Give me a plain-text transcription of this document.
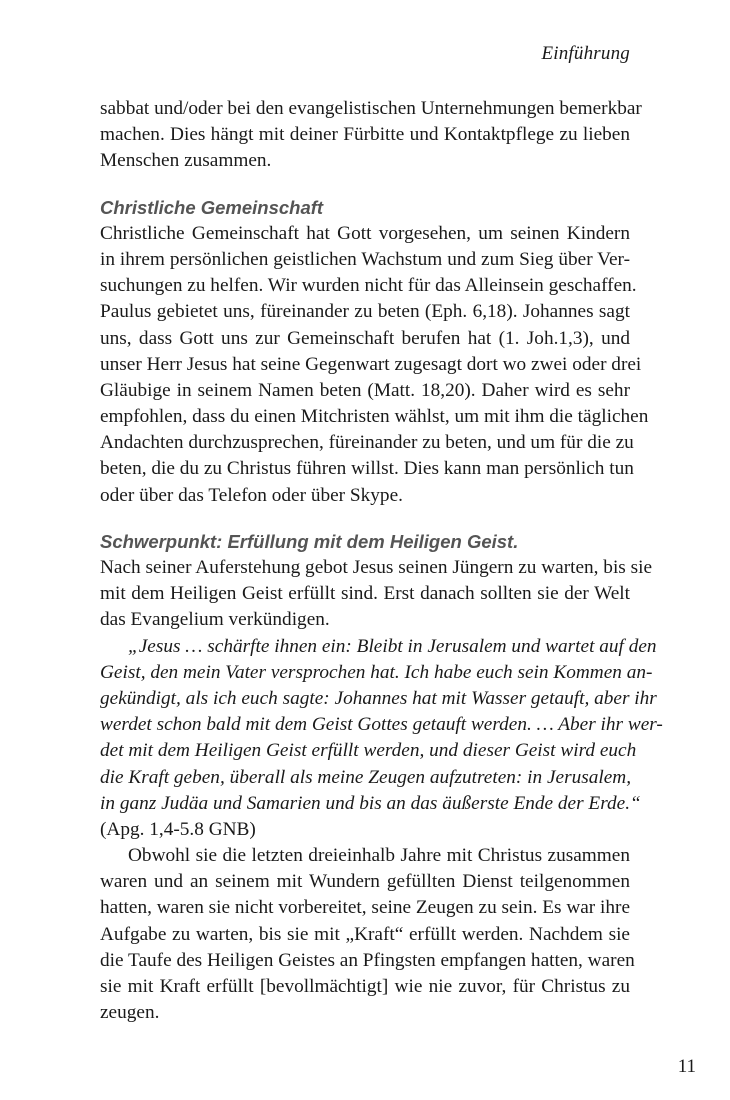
Einführung
sabbat und/oder bei den evangelistischen Unternehmungen bemerkbar
machen. Dies hängt mit deiner Fürbitte und Kontaktpflege zu lieben
Menschen zusammen.
Christliche Gemeinschaft
Christliche Gemeinschaft hat Gott vorgesehen, um seinen Kindern
in ihrem persönlichen geistlichen Wachstum und zum Sieg über Ver-
suchungen zu helfen. Wir wurden nicht für das Alleinsein geschaffen.
Paulus gebietet uns, füreinander zu beten (Eph. 6,18). Johannes sagt
uns, dass Gott uns zur Gemeinschaft berufen hat (1. Joh.1,3), und
unser Herr Jesus hat seine Gegenwart zugesagt dort wo zwei oder drei
Gläubige in seinem Namen beten (Matt. 18,20). Daher wird es sehr
empfohlen, dass du einen Mitchristen wählst, um mit ihm die täglichen
Andachten durchzusprechen, füreinander zu beten, und um für die zu
beten, die du zu Christus führen willst. Dies kann man persönlich tun
oder über das Telefon oder über Skype.
Schwerpunkt: Erfüllung mit dem Heiligen Geist.
Nach seiner Auferstehung gebot Jesus seinen Jüngern zu warten, bis sie
mit dem Heiligen Geist erfüllt sind. Erst danach sollten sie der Welt
das Evangelium verkündigen.
„Jesus … schärfte ihnen ein: Bleibt in Jerusalem und wartet auf den
Geist, den mein Vater versprochen hat. Ich habe euch sein Kommen an-
gekündigt, als ich euch sagte: Johannes hat mit Wasser getauft, aber ihr
werdet schon bald mit dem Geist Gottes getauft werden. … Aber ihr wer-
det mit dem Heiligen Geist erfüllt werden, und dieser Geist wird euch
die Kraft geben, überall als meine Zeugen aufzutreten: in Jerusalem,
in ganz Judäa und Samarien und bis an das äußerste Ende der Erde.“
(Apg. 1,4-5.8 GNB)
Obwohl sie die letzten dreieinhalb Jahre mit Christus zusammen
waren und an seinem mit Wundern gefüllten Dienst teilgenommen
hatten, waren sie nicht vorbereitet, seine Zeugen zu sein. Es war ihre
Aufgabe zu warten, bis sie mit „Kraft“ erfüllt werden. Nachdem sie
die Taufe des Heiligen Geistes an Pfingsten empfangen hatten, waren
sie mit Kraft erfüllt [bevollmächtigt] wie nie zuvor, für Christus zu
zeugen.
11
